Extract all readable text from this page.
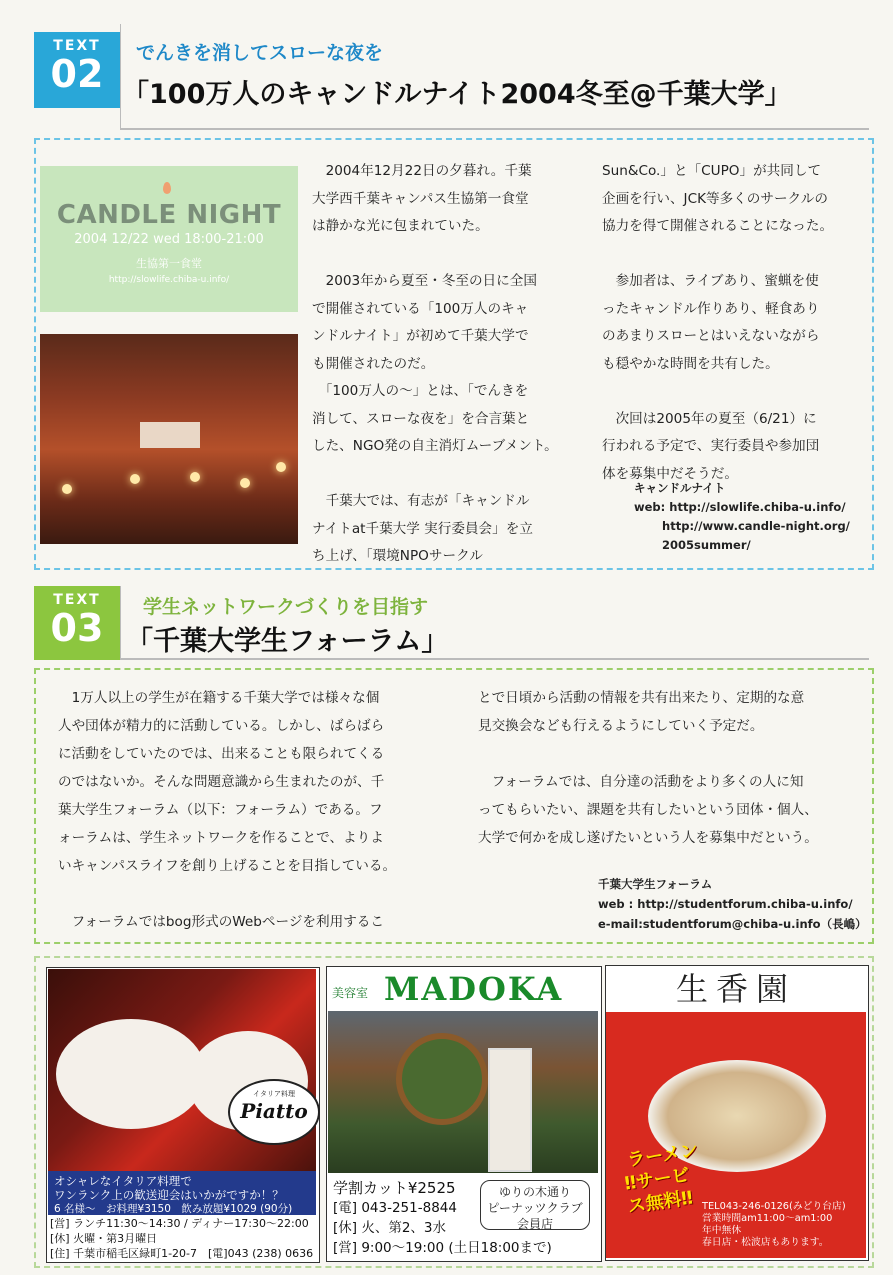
TEXT
02	でんきを消してスローな夜を
「100万人のキャンドルナイト2004冬至@千葉大学」
CANDLE NIGHT
2004 12/22 wed 18:00-21:00
生協第一食堂
http://slowlife.chiba-u.info/
　2004年12月22日の夕暮れ。千葉
大学西千葉キャンパス生協第一食堂
は静かな光に包まれていた。

　2003年から夏至・冬至の日に全国
で開催されている「100万人のキャ
ンドルナイト」が初めて千葉大学で
も開催されたのだ。
　「100万人の〜」とは、「でんきを
消して、スローな夜を」を合言葉と
した、NGO発の自主消灯ムーブメント。

　千葉大では、有志が「キャンドル
ナイトat千葉大学 実行委員会」を立
ち上げ、「環境NPOサークル
Sun&Co.」と「CUPO」が共同して
企画を行い、JCK等多くのサークルの
協力を得て開催されることになった。

　参加者は、ライブあり、蜜蝋を使
ったキャンドル作りあり、軽食あり
のあまりスローとはいえないながら
も穏やかな時間を共有した。

　次回は2005年の夏至（6/21）に
行われる予定で、実行委員や参加団
体を募集中だそうだ。
キャンドルナイト
web: http://slowlife.chiba-u.info/
http://www.candle-night.org/
2005summer/
TEXT
03	学生ネットワークづくりを目指す
「千葉大学生フォーラム」
　1万人以上の学生が在籍する千葉大学では様々な個
人や団体が精力的に活動している。しかし、ばらばら
に活動をしていたのでは、出来ることも限られてくる
のではないか。そんな問題意識から生まれたのが、千
葉大学生フォーラム（以下：フォーラム）である。フ
ォーラムは、学生ネットワークを作ることで、よりよ
いキャンパスライフを創り上げることを目指している。

　フォーラムではbog形式のWebページを利用するこ
とで日頃から活動の情報を共有出来たり、定期的な意
見交換会なども行えるようにしていく予定だ。

　フォーラムでは、自分達の活動をより多くの人に知
ってもらいたい、課題を共有したいという団体・個人、
大学で何かを成し遂げたいという人を募集中だという。
千葉大学生フォーラム
web : http://studentforum.chiba-u.info/
e-mail:studentforum@chiba-u.info（長嶋）
イタリア料理
Piatto
オシャレなイタリア料理で
ワンランク上の歓送迎会はいかがですか！？
6 名様〜　お料理¥3150　飲み放題¥1029 (90分)
[営] ランチ11:30〜14:30 / ディナー17:30〜22:00
[休] 火曜・第3月曜日
[住] 千葉市稲毛区緑町1-20-7　[電]043 (238) 0636
美容室 MADOKA
学割カット¥2525
[電] 043-251-8844
[休] 火、第2、3水
[営] 9:00〜19:00 (土日18:00まで)
ゆりの木通り
ピーナッツクラブ
会員店
生香園
ラーメン
‼サービ
ス無料‼ TEL043-246-0126(みどり台店)
営業時間am11:00〜am1:00
年中無休
春日店・松波店もあります。
